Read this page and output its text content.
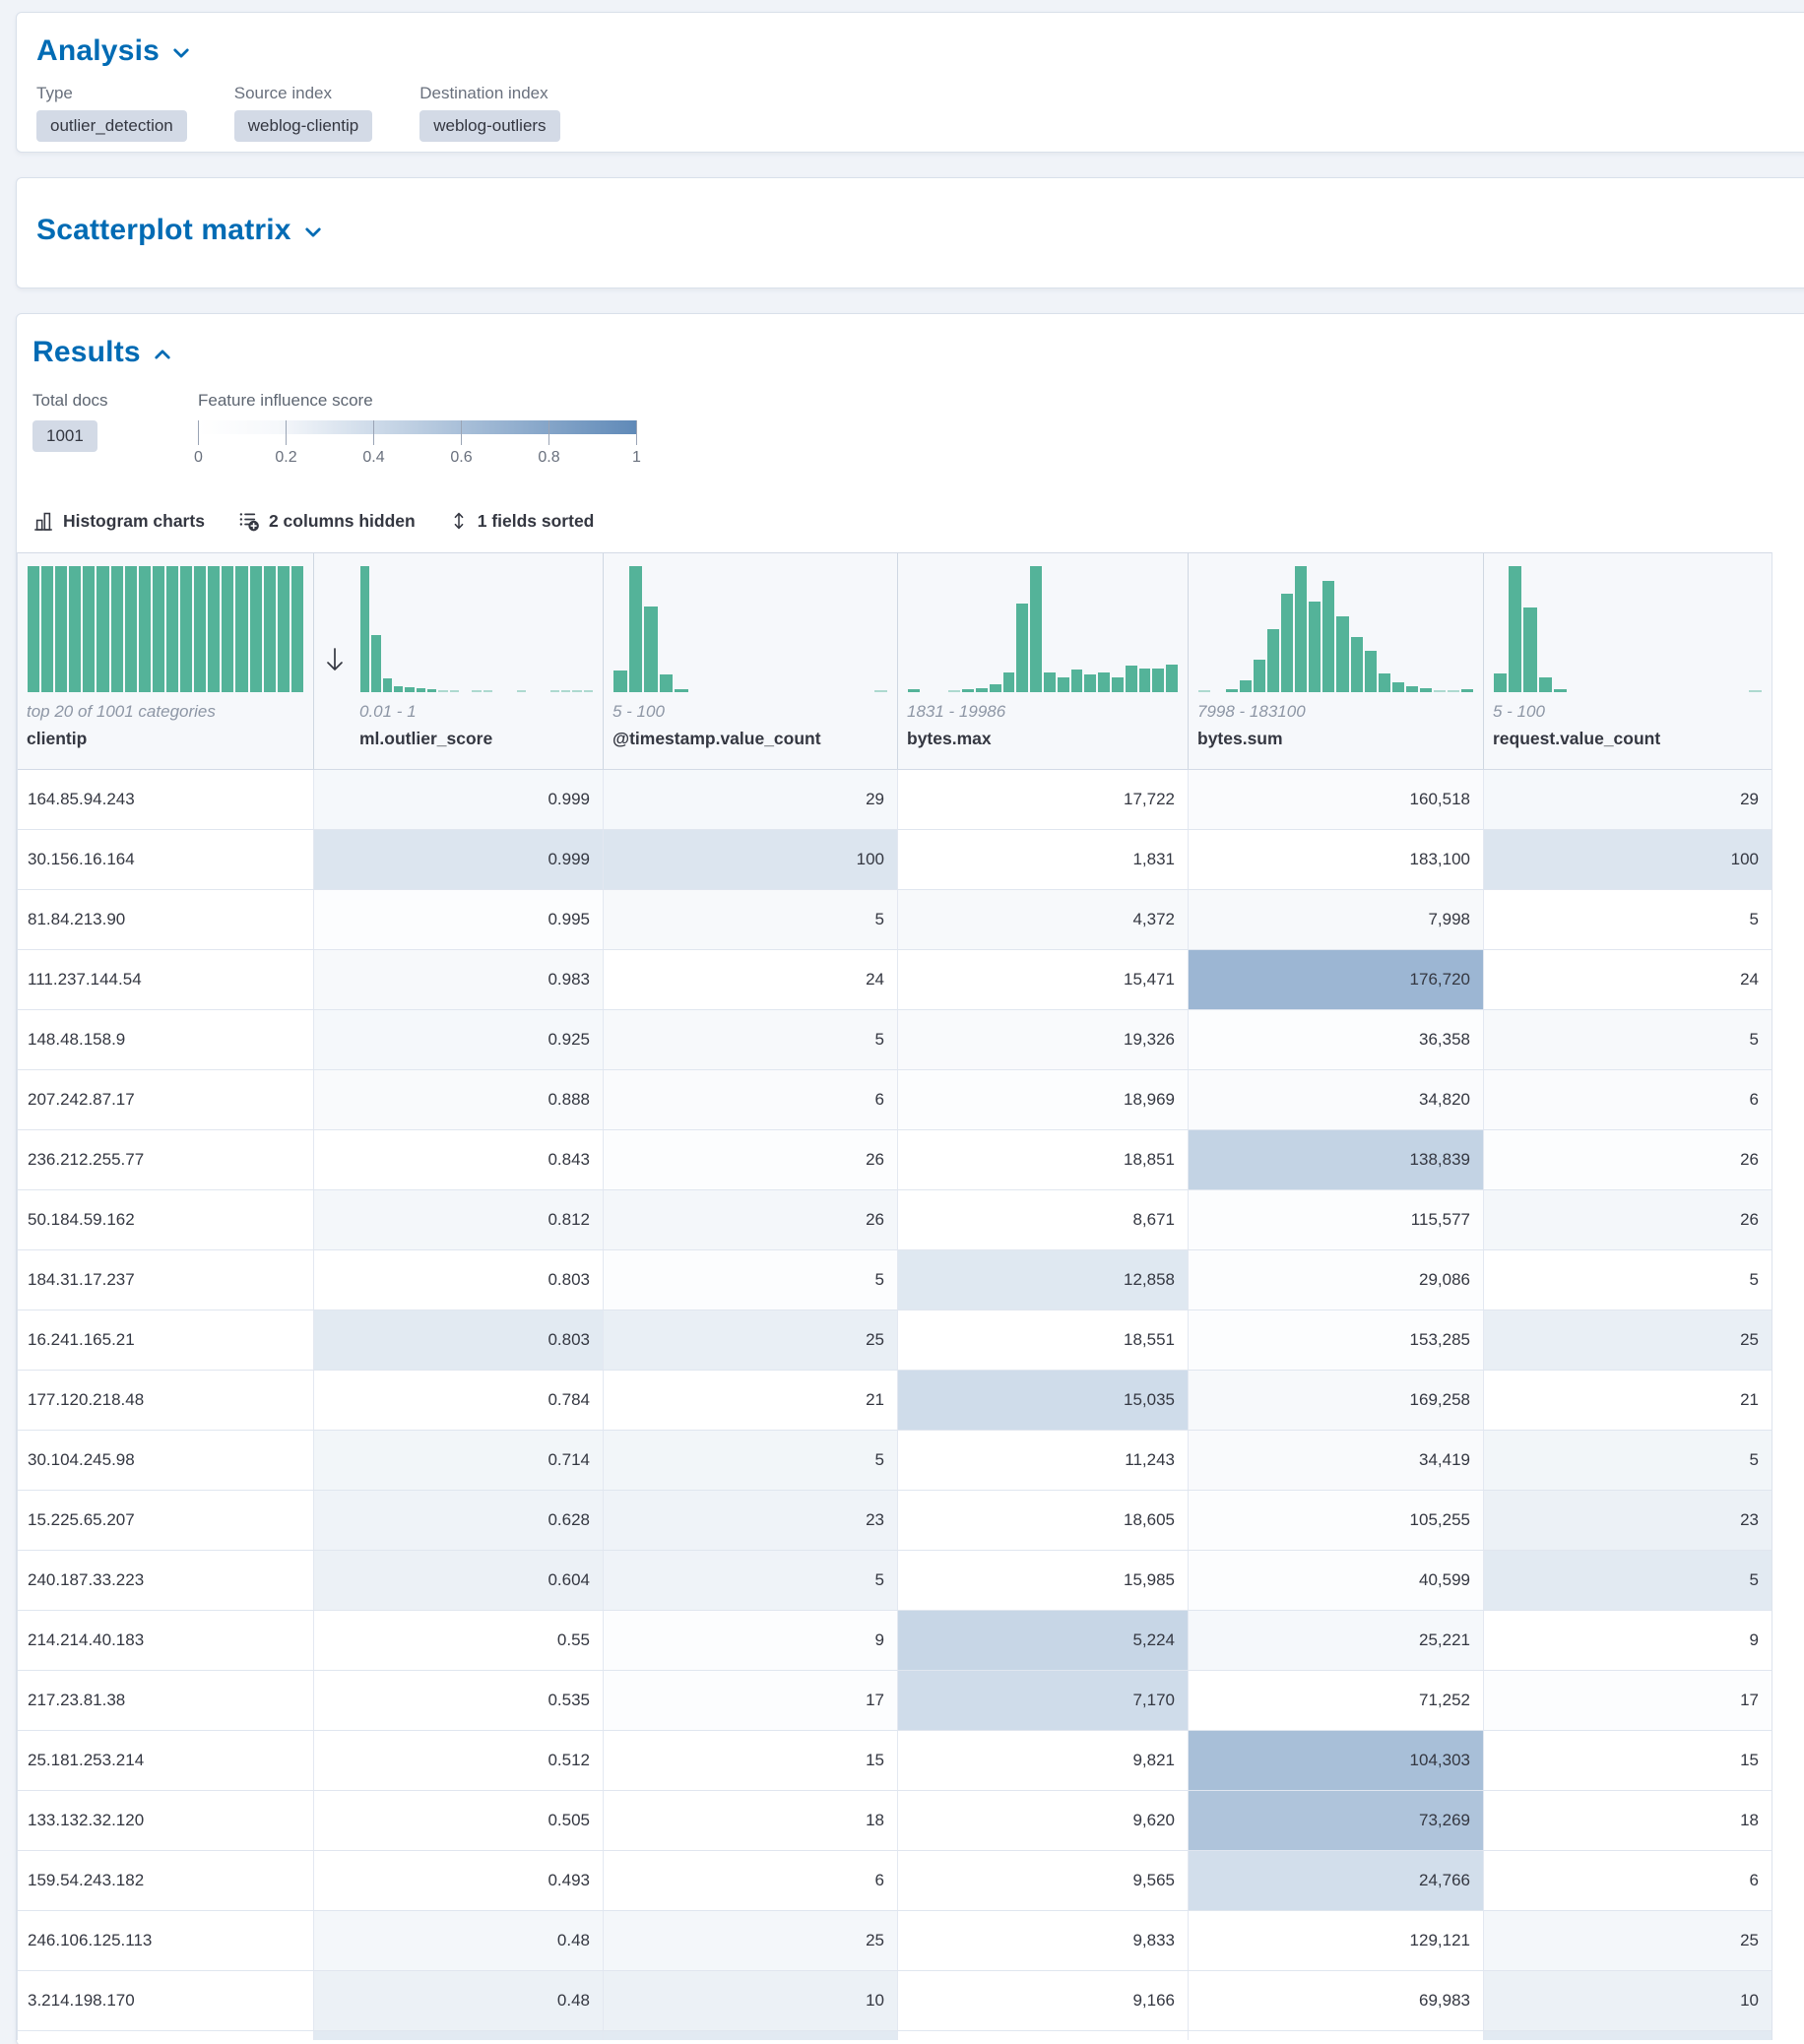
Analysis
Type
outlier_detection
Source index
weblog-clientip
Destination index
weblog-outliers
Scatterplot matrix
Results
Total docs
1001
Feature influence score
0	0.2	0.4	0.6	0.8	1
Histogram charts	2 columns hidden	1 fields sorted
top 20 of 1001 categories
clientip
0.01 - 1
ml.outlier_score
5 - 100
@timestamp.value_count
1831 - 19986
bytes.max
7998 - 183100
bytes.sum
5 - 100
request.value_count
164.85.94.243	0.999	29	17,722	160,518	29
30.156.16.164	0.999	100	1,831	183,100	100
81.84.213.90	0.995	5	4,372	7,998	5
111.237.144.54	0.983	24	15,471	176,720	24
148.48.158.9	0.925	5	19,326	36,358	5
207.242.87.17	0.888	6	18,969	34,820	6
236.212.255.77	0.843	26	18,851	138,839	26
50.184.59.162	0.812	26	8,671	115,577	26
184.31.17.237	0.803	5	12,858	29,086	5
16.241.165.21	0.803	25	18,551	153,285	25
177.120.218.48	0.784	21	15,035	169,258	21
30.104.245.98	0.714	5	11,243	34,419	5
15.225.65.207	0.628	23	18,605	105,255	23
240.187.33.223	0.604	5	15,985	40,599	5
214.214.40.183	0.55	9	5,224	25,221	9
217.23.81.38	0.535	17	7,170	71,252	17
25.181.253.214	0.512	15	9,821	104,303	15
133.132.32.120	0.505	18	9,620	73,269	18
159.54.243.182	0.493	6	9,565	24,766	6
246.106.125.113	0.48	25	9,833	129,121	25
3.214.198.170	0.48	10	9,166	69,983	10
